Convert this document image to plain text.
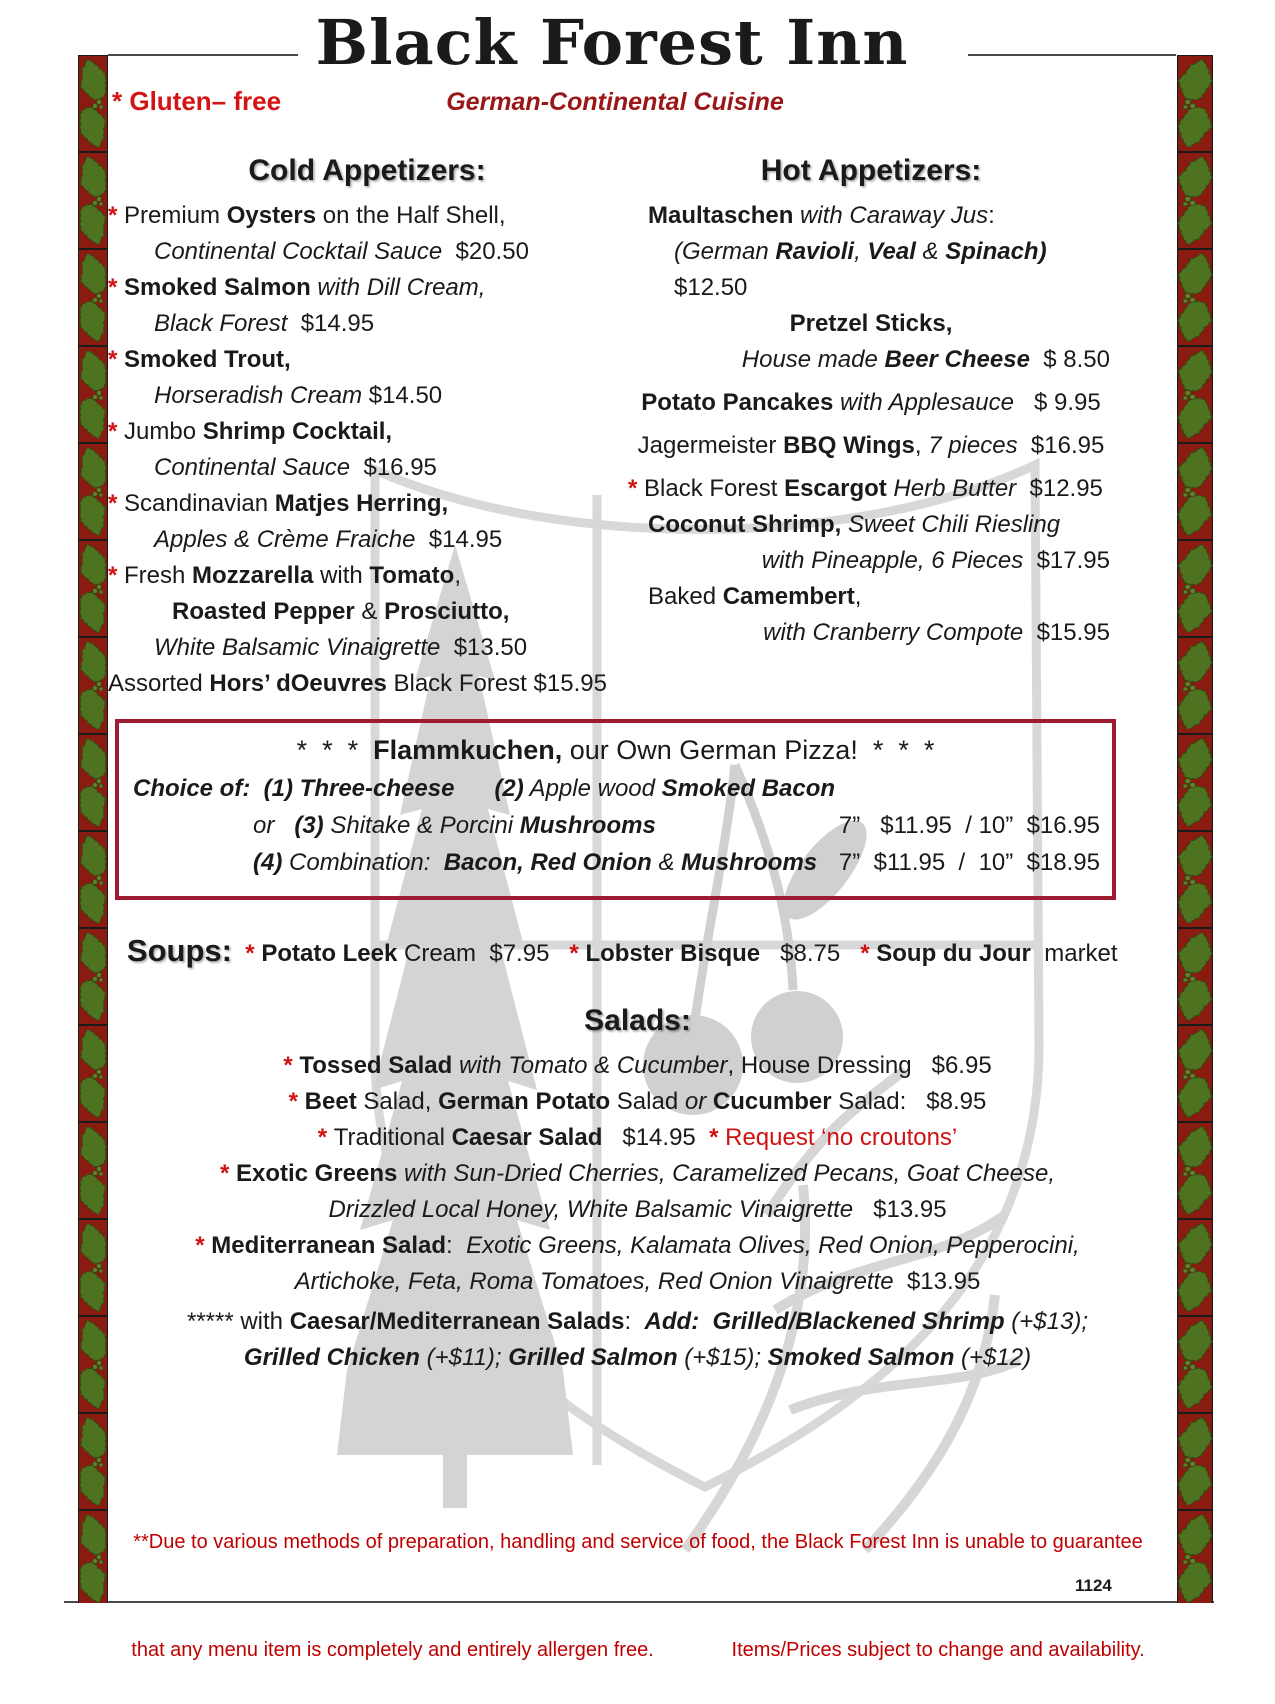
Black Forest Inn
* Gluten– free	German-Continental Cuisine
Cold Appetizers:
* Premium Oysters on the Half Shell,
Continental Cocktail Sauce  $20.50
* Smoked Salmon with Dill Cream,
Black Forest  $14.95
* Smoked Trout,
Horseradish Cream $14.50
* Jumbo Shrimp Cocktail,
Continental Sauce  $16.95
* Scandinavian Matjes Herring,
Apples & Crème Fraiche  $14.95
* Fresh Mozzarella with Tomato,
Roasted Pepper & Prosciutto,
White Balsamic Vinaigrette  $13.50
Assorted Hors’ dOeuvres Black Forest $15.95
Hot Appetizers:
Maultaschen with Caraway Jus:
(German Ravioli, Veal & Spinach)    $12.50
Pretzel Sticks,
House made Beer Cheese  $ 8.50
Potato Pancakes with Applesauce   $ 9.95
Jagermeister BBQ Wings, 7 pieces  $16.95
* Black Forest Escargot Herb Butter  $12.95
Coconut Shrimp, Sweet Chili Riesling
with Pineapple, 6 Pieces  $17.95
Baked Camembert,
with Cranberry Compote  $15.95
*  *  *  Flammkuchen, our Own German Pizza!  *  *  *
Choice of:  (1) Three-cheese (2) Apple wood Smoked Bacon
or   (3) Shitake & Porcini Mushrooms	7”   $11.95  / 10”  $16.95
(4) Combination:  Bacon, Red Onion & Mushrooms 7”  $11.95  /  10”  $18.95

Soups: * Potato Leek Cream  $7.95   * Lobster Bisque   $8.75   * Soup du Jour  market

Salads:
* Tossed Salad with Tomato & Cucumber, House Dressing   $6.95
* Beet Salad, German Potato Salad or Cucumber Salad:   $8.95
* Traditional Caesar Salad   $14.95  * Request ‘no croutons’
* Exotic Greens with Sun-Dried Cherries, Caramelized Pecans, Goat Cheese,
Drizzled Local Honey, White Balsamic Vinaigrette   $13.95
* Mediterranean Salad:  Exotic Greens, Kalamata Olives, Red Onion, Pepperocini,
Artichoke, Feta, Roma Tomatoes, Red Onion Vinaigrette  $13.95
***** with Caesar/Mediterranean Salads:  Add:  Grilled/Blackened Shrimp (+$13);
Grilled Chicken (+$11); Grilled Salmon (+$15); Smoked Salmon (+$12)

**Due to various methods of preparation, handling and service of food, the Black Forest Inn is unable to guarantee

that any menu item is completely and entirely allergen free.              Items/Prices subject to change and availability.

1124
